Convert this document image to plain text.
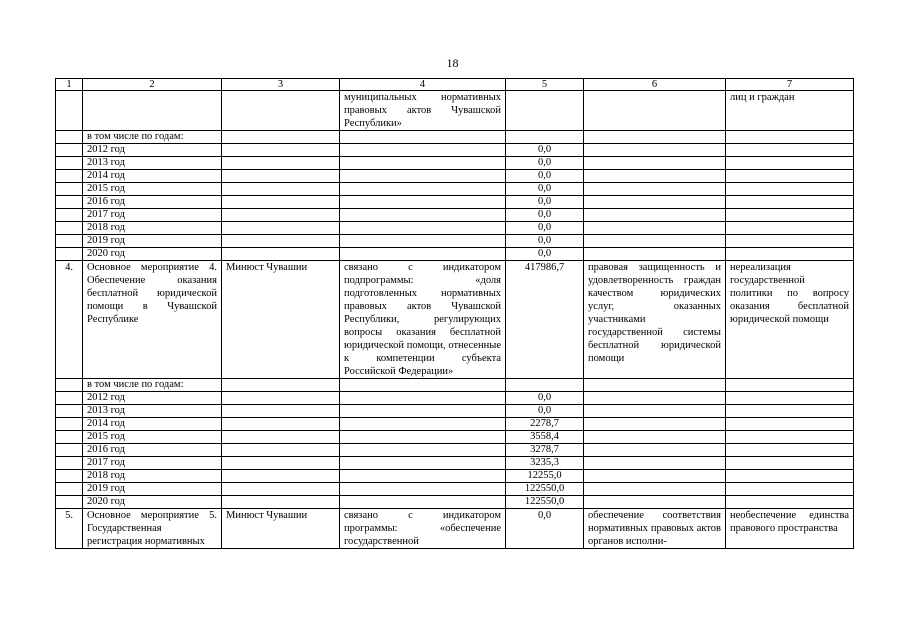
18
1	2	3	4	5	6	7
			муниципальных нормативных правовых актов Чувашской Республики»			лиц и граждан
	в том числе по годам:					
	2012 год			0,0		
	2013 год			0,0		
	2014 год			0,0		
	2015 год			0,0		
	2016 год			0,0		
	2017 год			0,0		
	2018 год			0,0		
	2019 год			0,0		
	2020 год			0,0		
4.	Основное мероприятие 4. Обеспечение оказания бесплатной юридической помощи в Чувашской Республике	Минюст Чувашии	связано с индикатором подпрограммы: «доля подготовленных нормативных правовых актов Чувашской Республики, регулирующих вопросы оказания бесплатной юридической помощи, отнесенные к компетенции субъекта Российской Федерации»	417986,7	правовая защищенность и удовлетворенность граждан качеством юридических услуг, оказанных участниками государственной системы бесплатной юридической помощи	нереализация государственной политики по вопросу оказания бесплатной юридической помощи
	в том числе по годам:					
	2012 год			0,0		
	2013 год			0,0		
	2014 год			2278,7		
	2015 год			3558,4		
	2016 год			3278,7		
	2017 год			3235,3		
	2018 год			12255,0		
	2019 год			122550,0		
	2020 год			122550,0		
5.	Основное мероприятие 5. Государственная регистрация нормативных	Минюст Чувашии	связано с индикатором программы: «обеспечение государственной	0,0	обеспечение соответствия нормативных правовых актов органов исполни-	необеспечение единства правового пространства
